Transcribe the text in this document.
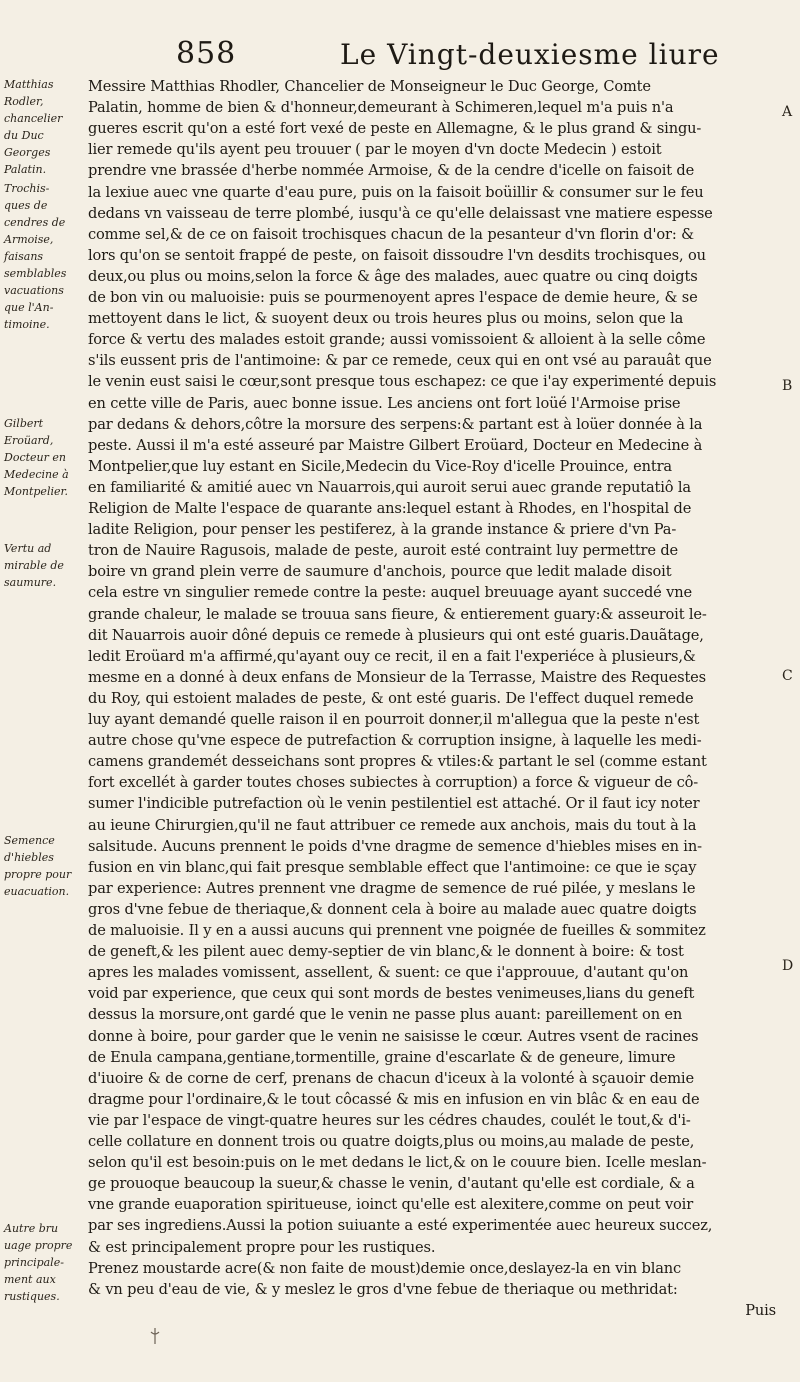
858	Le Vingt-deuxiesme liure
Matthias
Rodler,
chancelier
du Duc
Georges
Palatin.
Trochis-
ques de
cendres de
Armoise,
faisans
semblables
vacuations
que l'An-
timoine.
Gilbert
Eroüard,
Docteur en
Medecine à
Montpelier.
Vertu ad
mirable de
saumure.
Semence
d'hiebles
propre pour
euacuation.
Autre bru
uage propre
principale-
ment aux
rustiques.
A
B
C
D
Messire Matthias Rhodler, Chancelier de Monseigneur le Duc George, Comte
Palatin, homme de bien & d'honneur,demeurant à Schimeren,lequel m'a puis n'a
gueres escrit qu'on a esté fort vexé de peste en Allemagne, & le plus grand & singu-
lier remede qu'ils ayent peu trouuer ( par le moyen d'vn docte Medecin ) estoit
prendre vne brassée d'herbe nommée Armoise, & de la cendre d'icelle on faisoit de
la lexiue auec vne quarte d'eau pure, puis on la faisoit boüillir & consumer sur le feu
dedans vn vaisseau de terre plombé, iusqu'à ce qu'elle delaissast vne matiere espesse
comme sel,& de ce on faisoit trochisques chacun de la pesanteur d'vn florin d'or: &
lors qu'on se sentoit frappé de peste, on faisoit dissoudre l'vn desdits trochisques, ou
deux,ou plus ou moins,selon la force & âge des malades, auec quatre ou cinq doigts
de bon vin ou maluoisie: puis se pourmenoyent apres l'espace de demie heure, & se
mettoyent dans le lict, & suoyent deux ou trois heures plus ou moins, selon que la
force & vertu des malades estoit grande; aussi vomissoient & alloient à la selle côme
s'ils eussent pris de l'antimoine: & par ce remede, ceux qui en ont vsé au parauât que
le venin eust saisi le cœur,sont presque tous eschapez: ce que i'ay experimenté depuis
en cette ville de Paris, auec bonne issue. Les anciens ont fort loüé l'Armoise prise
par dedans & dehors,côtre la morsure des serpens:& partant est à loüer donnée à la
peste. Aussi il m'a esté asseuré par Maistre Gilbert Eroüard, Docteur en Medecine à
Montpelier,que luy estant en Sicile,Medecin du Vice-Roy d'icelle Prouince, entra
en familiarité & amitié auec vn Nauarrois,qui auroit serui auec grande reputatiô la
Religion de Malte l'espace de quarante ans:lequel estant à Rhodes, en l'hospital de
ladite Religion, pour penser les pestiferez, à la grande instance & priere d'vn Pa-
tron de Nauire Ragusois, malade de peste, auroit esté contraint luy permettre de
boire vn grand plein verre de saumure d'anchois, pource que ledit malade disoit
cela estre vn singulier remede contre la peste: auquel breuuage ayant succedé vne
grande chaleur, le malade se trouua sans fieure, & entierement guary:& asseuroit le-
dit Nauarrois auoir dôné depuis ce remede à plusieurs qui ont esté guaris.Dauãtage,
ledit Eroüard m'a affirmé,qu'ayant ouy ce recit, il en a fait l'experiéce à plusieurs,&
mesme en a donné à deux enfans de Monsieur de la Terrasse, Maistre des Requestes
du Roy, qui estoient malades de peste, & ont esté guaris. De l'effect duquel remede
luy ayant demandé quelle raison il en pourroit donner,il m'allegua que la peste n'est
autre chose qu'vne espece de putrefaction & corruption insigne, à laquelle les medi-
camens grandemét desseichans sont propres & vtiles:& partant le sel (comme estant
fort excellét à garder toutes choses subiectes à corruption) a force & vigueur de cô-
sumer l'indicible putrefaction où le venin pestilentiel est attaché. Or il faut icy noter
au ieune Chirurgien,qu'il ne faut attribuer ce remede aux anchois, mais du tout à la
salsitude. Aucuns prennent le poids d'vne dragme de semence d'hiebles mises en in-
fusion en vin blanc,qui fait presque semblable effect que l'antimoine: ce que ie sçay
par experience: Autres prennent vne dragme de semence de rué pilée, y meslans le
gros d'vne febue de theriaque,& donnent cela à boire au malade auec quatre doigts
de maluoisie. Il y en a aussi aucuns qui prennent vne poignée de fueilles & sommitez
de geneft,& les pilent auec demy-septier de vin blanc,& le donnent à boire: & tost
apres les malades vomissent, assellent, & suent: ce que i'approuue, d'autant qu'on
void par experience, que ceux qui sont mords de bestes venimeuses,lians du geneft
dessus la morsure,ont gardé que le venin ne passe plus auant: pareillement on en
donne à boire, pour garder que le venin ne saisisse le cœur. Autres vsent de racines
de Enula campana,gentiane,tormentille, graine d'escarlate & de geneure, limure
d'iuoire & de corne de cerf, prenans de chacun d'iceux à la volonté à sçauoir demie
dragme pour l'ordinaire,& le tout côcassé & mis en infusion en vin blâc & en eau de
vie par l'espace de vingt-quatre heures sur les cédres chaudes, coulét le tout,& d'i-
celle collature en donnent trois ou quatre doigts,plus ou moins,au malade de peste,
selon qu'il est besoin:puis on le met dedans le lict,& on le couure bien. Icelle meslan-
ge prouoque beaucoup la sueur,& chasse le venin, d'autant qu'elle est cordiale, & a
vne grande euaporation spiritueuse, ioinct qu'elle est alexitere,comme on peut voir
par ses ingrediens.Aussi la potion suiuante a esté experimentée auec heureux succez,
& est principalement propre pour les rustiques.
Prenez moustarde acre(& non faite de moust)demie once,deslayez-la en vin blanc
& vn peu d'eau de vie, & y meslez le gros d'vne febue de theriaque ou methridat:
Puis
